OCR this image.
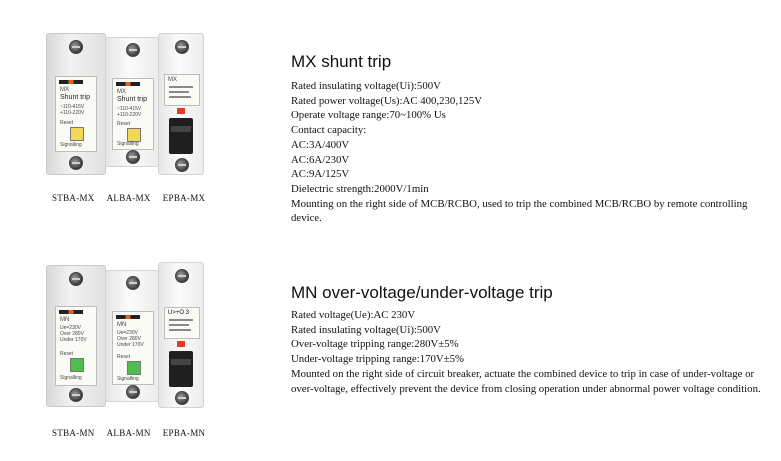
MX
Shunt trip
~110-415V
+110-220V
Reset
Signalling
MX
Shunt trip
~110-415V
+110-220V
Reset
Signalling
MX
STBA-MX ALBA-MX EPBA-MX
MX shunt trip
Rated insulating voltage(Ui):500V
Rated power voltage(Us):AC 400,230,125V
Operate voltage range:70~100% Us
Contact capacity:
AC:3A/400V
AC:6A/230V
AC:9A/125V
Dielectric strength:2000V/1min
Mounting on the right side of MCB/RCBO, used to trip the combined MCB/RCBO by remote controlling device.
MN
Ue=230V
Over 280V
Under 170V
Reset
Signalling
MN
Ue=230V
Over 280V
Under 170V
Reset
Signalling
U>+O 3
STBA-MN ALBA-MN EPBA-MN
MN over-voltage/under-voltage trip
Rated voltage(Ue):AC 230V
Rated insulating voltage(Ui):500V
Over-voltage tripping range:280V±5%
Under-voltage tripping range:170V±5%
Mounted on the right side of circuit breaker, actuate the combined device to trip in case of under-voltage or over-voltage, effectively prevent the device from closing operation under abnormal power voltage condition.
